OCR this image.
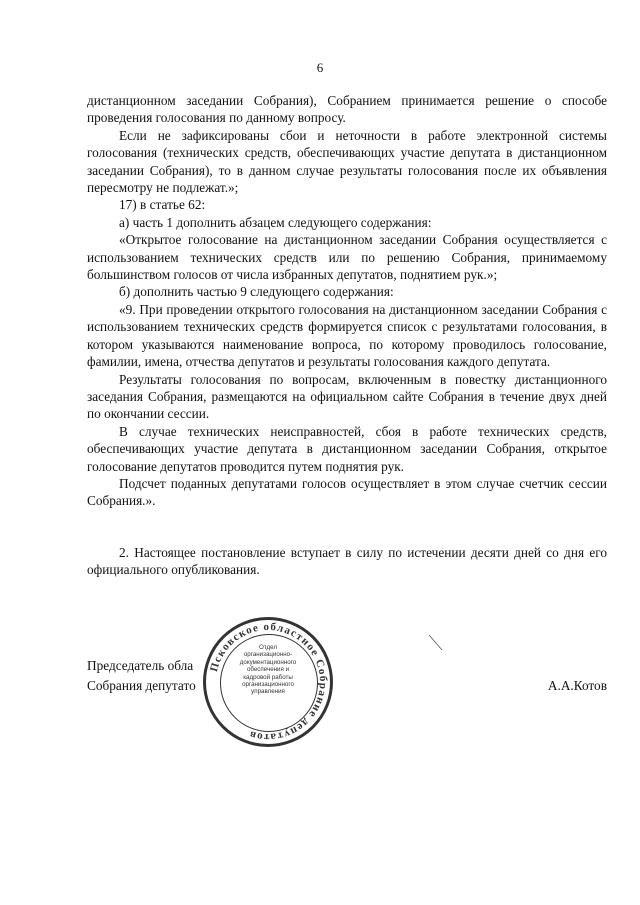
6

дистанционном заседании Собрания), Собранием принимается решение о способе проведения голосования по данному вопросу.

Если не зафиксированы сбои и неточности в работе электронной системы голосования (технических средств, обеспечивающих участие депутата в дистанционном заседании Собрания), то в данном случае результаты голосования после их объявления пересмотру не подлежат.»;

17) в статье 62:

а) часть 1 дополнить абзацем следующего содержания:

«Открытое голосование на дистанционном заседании Собрания осуществляется с использованием технических средств или по решению Собрания, принимаемому большинством голосов от числа избранных депутатов, поднятием рук.»;

б) дополнить частью 9 следующего содержания:

«9. При проведении открытого голосования на дистанционном заседании Собрания с использованием технических средств формируется список с результатами голосования, в котором указываются наименование вопроса, по которому проводилось голосование, фамилии, имена, отчества депутатов и результаты голосования каждого депутата.

Результаты голосования по вопросам, включенным в повестку дистанционного заседания Собрания, размещаются на официальном сайте Собрания в течение двух дней по окончании сессии.

В случае технических неисправностей, сбоя в работе технических средств, обеспечивающих участие депутата в дистанционном заседании Собрания, открытое голосование депутатов проводится путем поднятия рук.

Подсчет поданных депутатами голосов осуществляет в этом случае счетчик сессии Собрания.».

2. Настоящее постановление вступает в силу по истечении десяти дней со дня его официального опубликования.

Председатель обла
Собрания депутато	А.А.Котов
Псковское областное Собрание депутатов
Отдел
организационно-
документационного
обеспечения и
кадровой работы
организационного
управления
